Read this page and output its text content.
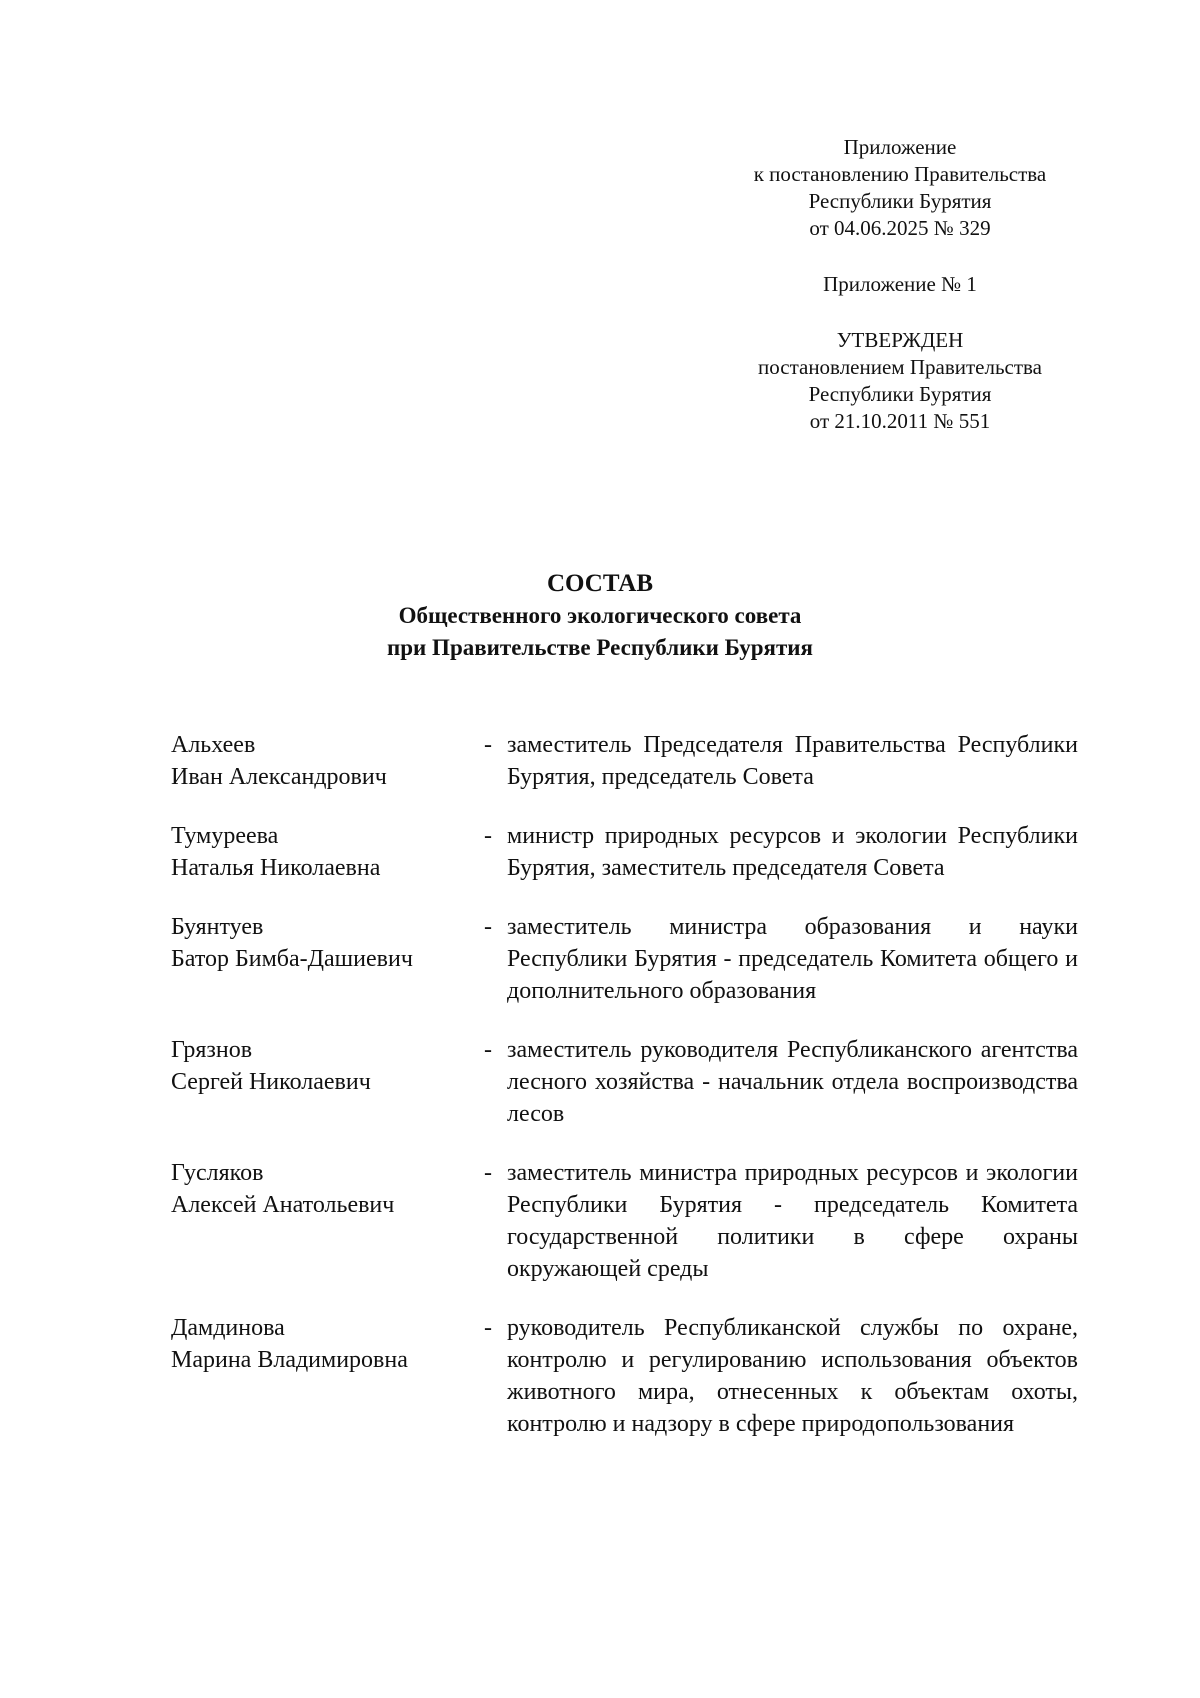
Приложение
к постановлению Правительства
Республики Бурятия
от 04.06.2025 № 329
Приложение № 1
УТВЕРЖДЕН
постановлением Правительства
Республики Бурятия
от 21.10.2011 № 551
СОСТАВ
Общественного экологического совета
при Правительстве Республики Бурятия
Альхеев
Иван Александрович
- заместитель Председателя Правительства Республики Бурятия, председатель Совета
Тумуреева
Наталья Николаевна
- министр природных ресурсов и экологии Республики Бурятия, заместитель председателя Совета
Буянтуев
Батор Бимба-Дашиевич
- заместитель министра образования и науки Республики Бурятия - председатель Комитета общего и дополнительного образования
Грязнов
Сергей Николаевич
- заместитель руководителя Республиканского агентства лесного хозяйства - начальник отдела воспроизводства лесов
Гусляков
Алексей Анатольевич
- заместитель министра природных ресурсов и экологии Республики Бурятия - председатель Комитета государственной политики в сфере охраны окружающей среды
Дамдинова
Марина Владимировна
- руководитель Республиканской службы по охране, контролю и регулированию использования объектов животного мира, отнесенных к объектам охоты, контролю и надзору в сфере природопользования
